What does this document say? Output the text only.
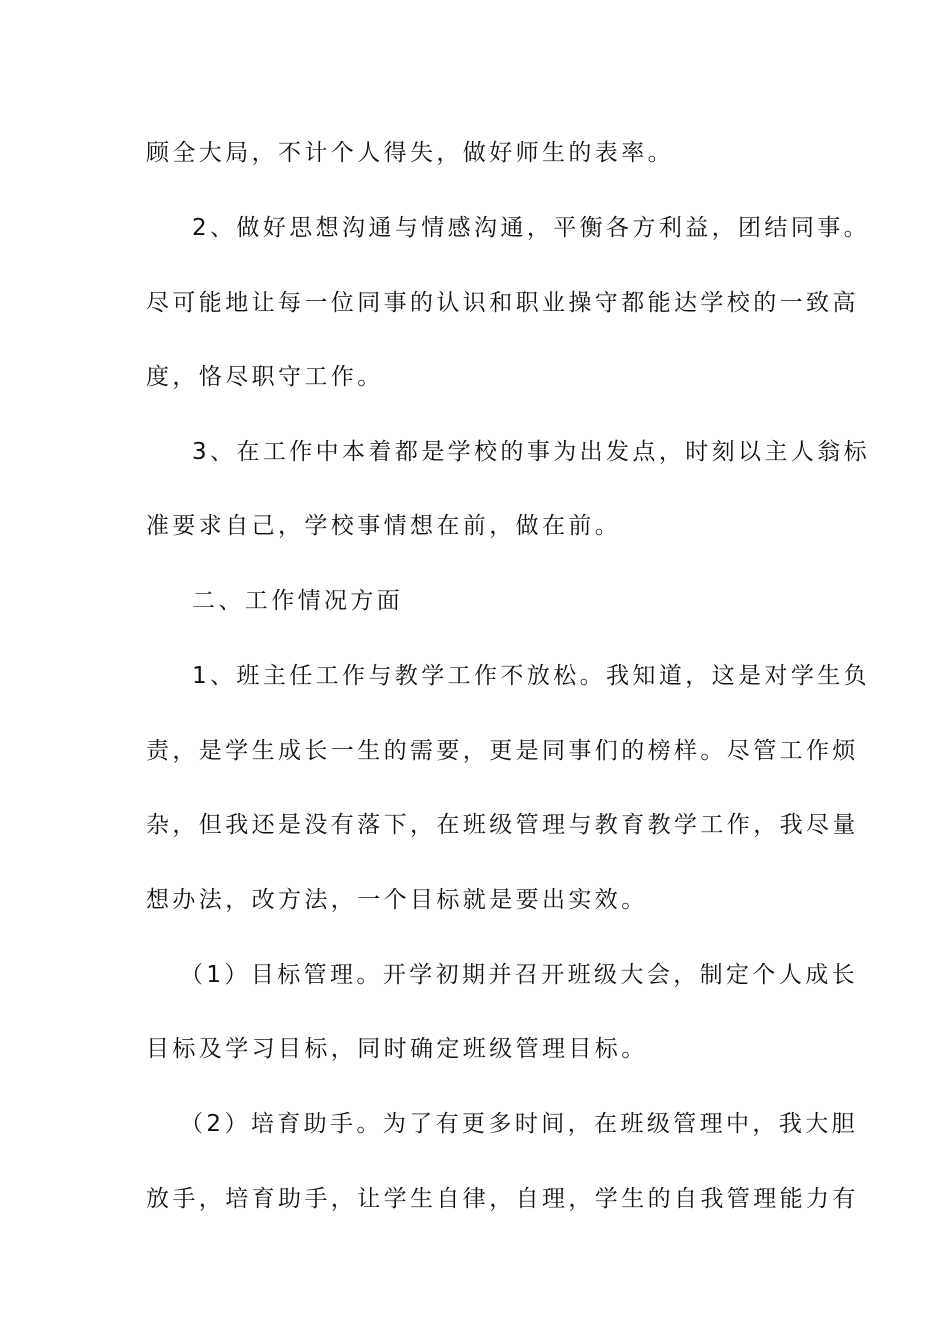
顾全大局，不计个人得失，做好师生的表率。
2、做好思想沟通与情感沟通，平衡各方利益，团结同事。
尽可能地让每一位同事的认识和职业操守都能达学校的一致高
度，恪尽职守工作。
3、在工作中本着都是学校的事为出发点，时刻以主人翁标
准要求自己，学校事情想在前，做在前。
二、工作情况方面
1、班主任工作与教学工作不放松。我知道，这是对学生负
责，是学生成长一生的需要，更是同事们的榜样。尽管工作烦
杂，但我还是没有落下，在班级管理与教育教学工作，我尽量
想办法，改方法，一个目标就是要出实效。
（1）目标管理。开学初期并召开班级大会，制定个人成长
目标及学习目标，同时确定班级管理目标。
（2）培育助手。为了有更多时间，在班级管理中，我大胆
放手，培育助手，让学生自律，自理，学生的自我管理能力有
